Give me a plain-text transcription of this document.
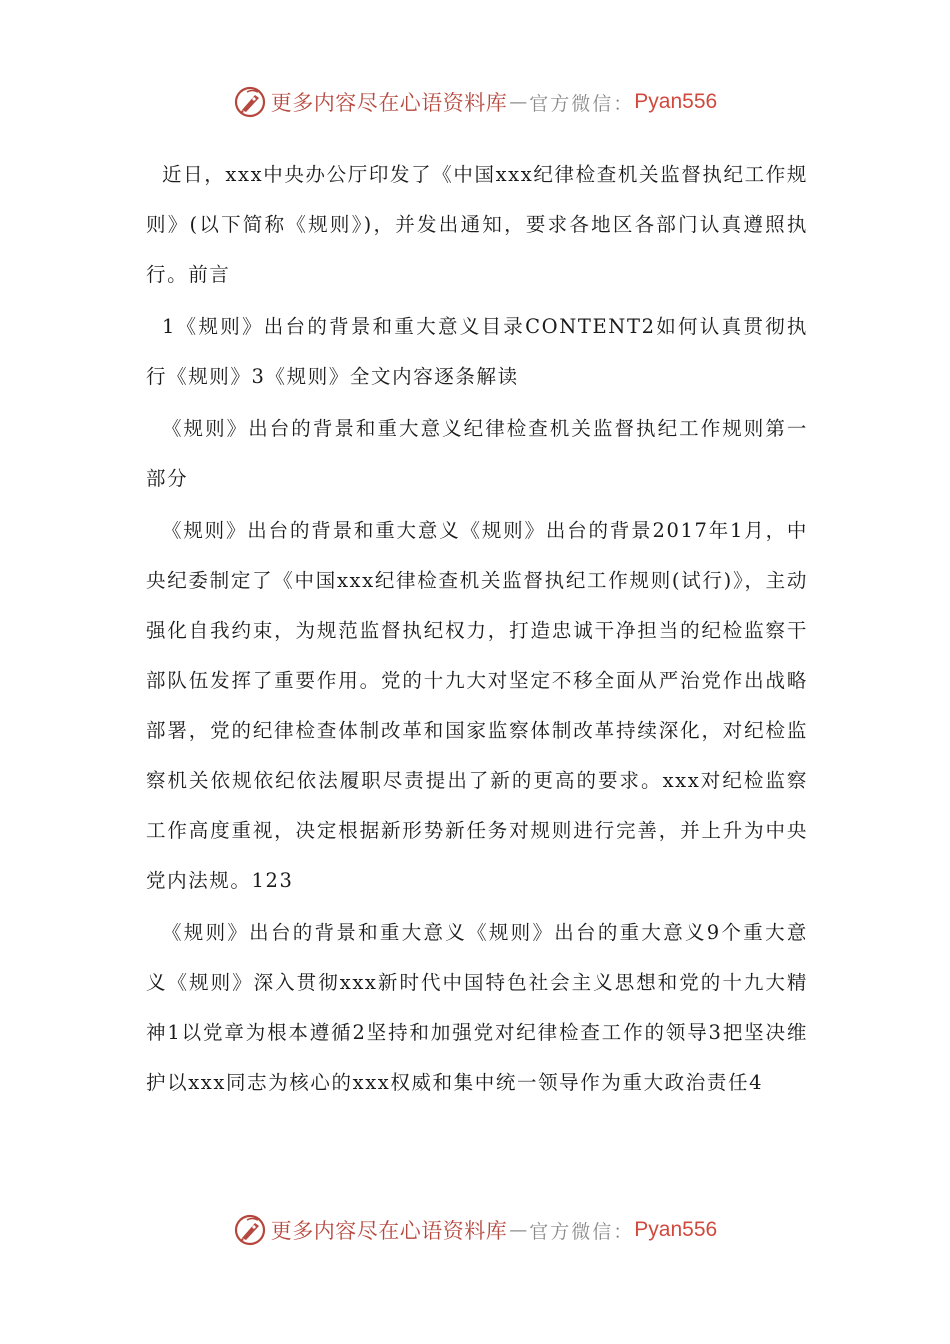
更多内容尽在心语资料库 — 官方微信： Pyan556

近日，xxx中央办公厅印发了《中国xxx纪律检查机关监督执纪工作规则》(以下简称《规则》)，并发出通知，要求各地区各部门认真遵照执行。前言

1《规则》出台的背景和重大意义目录CONTENT2如何认真贯彻执行《规则》3《规则》全文内容逐条解读

《规则》出台的背景和重大意义纪律检查机关监督执纪工作规则第一部分

《规则》出台的背景和重大意义《规则》出台的背景2017年1月，中央纪委制定了《中国xxx纪律检查机关监督执纪工作规则(试行)》，主动强化自我约束，为规范监督执纪权力，打造忠诚干净担当的纪检监察干部队伍发挥了重要作用。党的十九大对坚定不移全面从严治党作出战略部署，党的纪律检查体制改革和国家监察体制改革持续深化，对纪检监察机关依规依纪依法履职尽责提出了新的更高的要求。xxx对纪检监察工作高度重视，决定根据新形势新任务对规则进行完善，并上升为中央党内法规。123

《规则》出台的背景和重大意义《规则》出台的重大意义9个重大意义《规则》深入贯彻xxx新时代中国特色社会主义思想和党的十九大精神1以党章为根本遵循2坚持和加强党对纪律检查工作的领导3把坚决维护以xxx同志为核心的xxx权威和集中统一领导作为重大政治责任4

更多内容尽在心语资料库 — 官方微信： Pyan556
